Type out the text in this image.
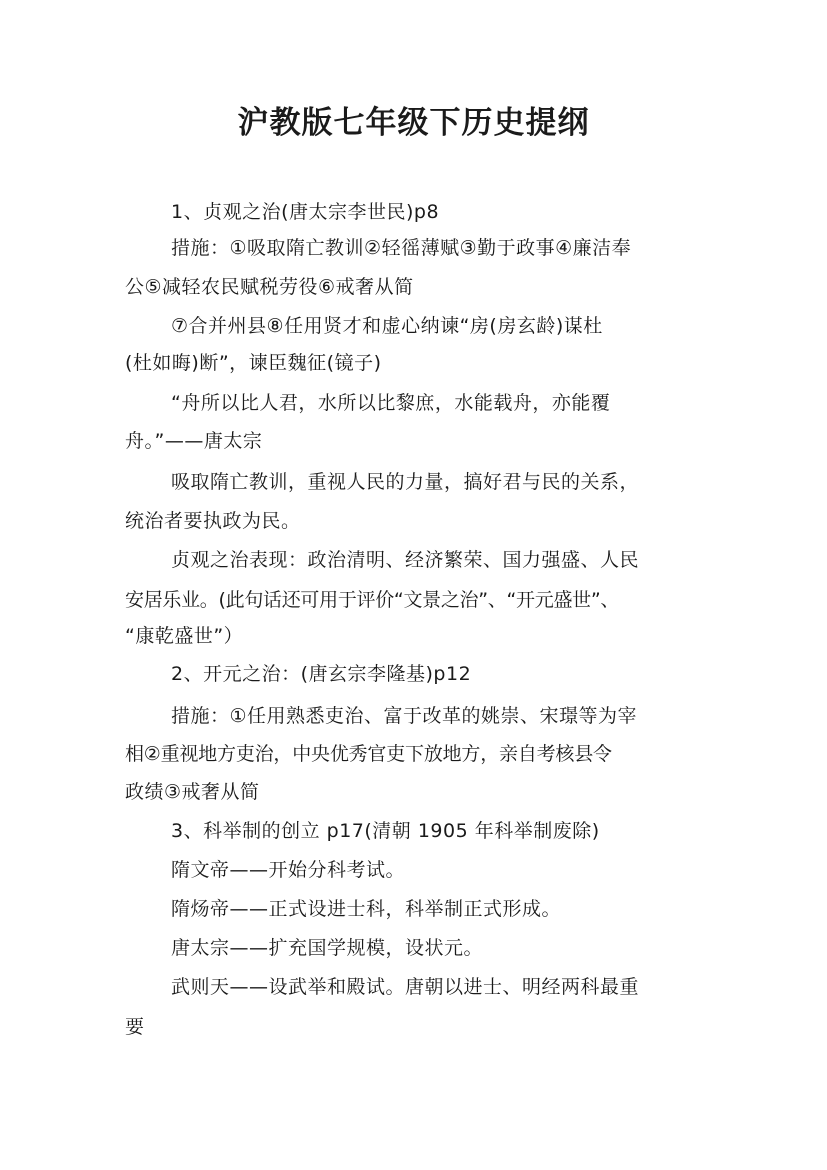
沪教版七年级下历史提纲
1、贞观之治(唐太宗李世民)p8
措施：①吸取隋亡教训②轻徭薄赋③勤于政事④廉洁奉
公⑤减轻农民赋税劳役⑥戒奢从简
⑦合并州县⑧任用贤才和虚心纳谏“房(房玄龄)谋杜
(杜如晦)断”，谏臣魏征(镜子)
“舟所以比人君，水所以比黎庶，水能载舟，亦能覆
舟。”——唐太宗
吸取隋亡教训，重视人民的力量，搞好君与民的关系，
统治者要执政为民。
贞观之治表现：政治清明、经济繁荣、国力强盛、人民
安居乐业。(此句话还可用于评价“文景之治”、“开元盛世”、
“康乾盛世”）
2、开元之治：(唐玄宗李隆基)p12
措施：①任用熟悉吏治、富于改革的姚崇、宋璟等为宰
相②重视地方吏治，中央优秀官吏下放地方，亲自考核县令
政绩③戒奢从简
3、科举制的创立 p17(清朝 1905 年科举制废除)
隋文帝——开始分科考试。
隋炀帝——正式设进士科，科举制正式形成。
唐太宗——扩充国学规模，设状元。
武则天——设武举和殿试。唐朝以进士、明经两科最重
要
